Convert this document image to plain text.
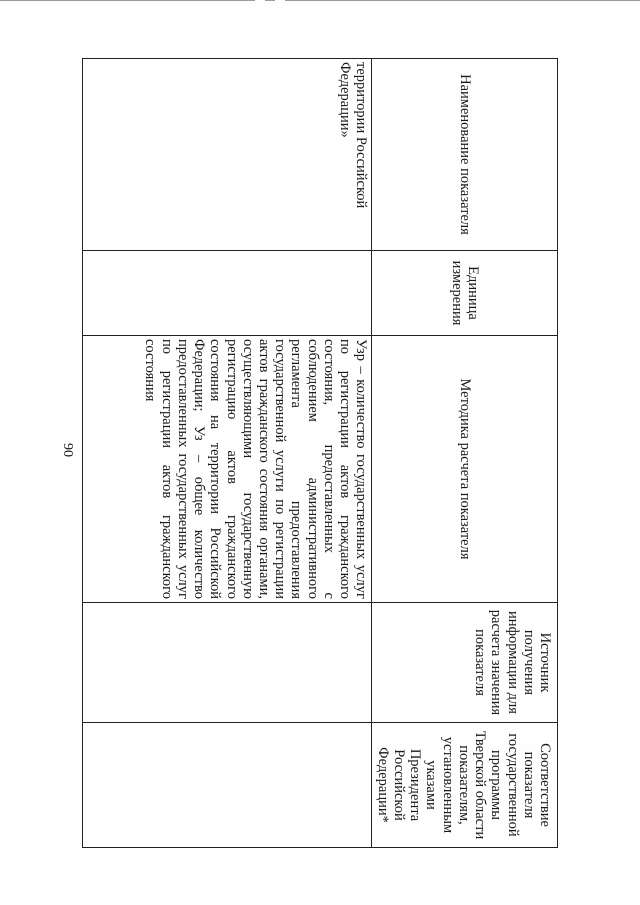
90
Наименование показателя	Единица измерения	Методика расчета показателя	Источник получения информации для расчета значения показателя	Соответствие показателя государственной программы Тверской области показателям, установленным указами Президента Российской Федерации*
территории Российской Федерации»		Узр – количество государственных услуг по регистрации актов гражданского состояния, предоставленных с соблюдением административного регламента предоставления государственной услуги по регистрации актов гражданского состояния органами, осуществляющими государственную регистрацию актов гражданского состояния на территории Российской Федерации; Уз – общее количество предоставленных государственных услуг по регистрации актов гражданского состояния		
